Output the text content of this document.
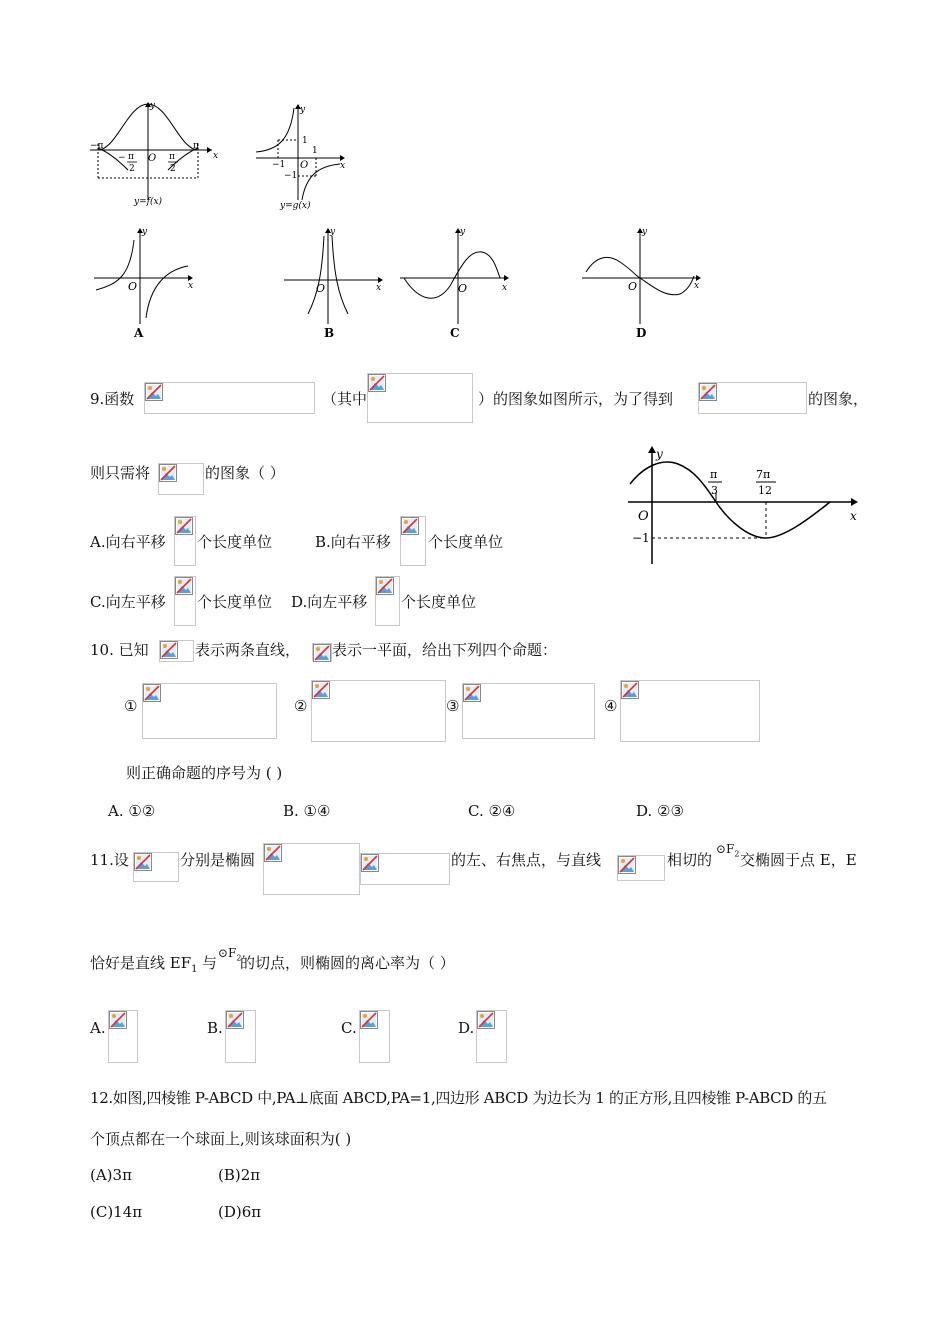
y
x
O
−π	π
− π
2
π
2
y=f(x)
y
x
O
1
−1
−1
1
y=g(x)
y
x
O
A
y
x
O
B
y
x
O
C
y
x
O
D
9.函数	（其中	）的图象如图所示，为了得到	的图象，
则只需将	的图象（ ）
A.向右平移 个长度单位	B.向右平移 个长度单位
C.向左平移 个长度单位 D.向左平移 个长度单位
y
x
O
π
3
7π
12
−1
10. 已知	表示两条直线， 表示一平面，给出下列四个命题：
①	②	③	④
则正确命题的序号为 ( )
A. ①②	B. ①④	C. ②④	D. ②③
11.设	分别是椭圆	的左、右焦点，与直线	相切的
$⊙F_2$ 交椭圆于点 E，E
恰好是直线 $EF_1$ 与
$⊙F_2$
的切点，则椭圆的离心率为（ ）
A.	B.	C.	D.
12.如图,四棱锥 P-ABCD 中,PA⊥底面 ABCD,PA=1,四边形 ABCD 为边长为 1 的正方形,且四棱锥 P-ABCD 的五
个顶点都在一个球面上,则该球面积为( )
(A)3π	(B)2π
(C)14π	(D)6π
